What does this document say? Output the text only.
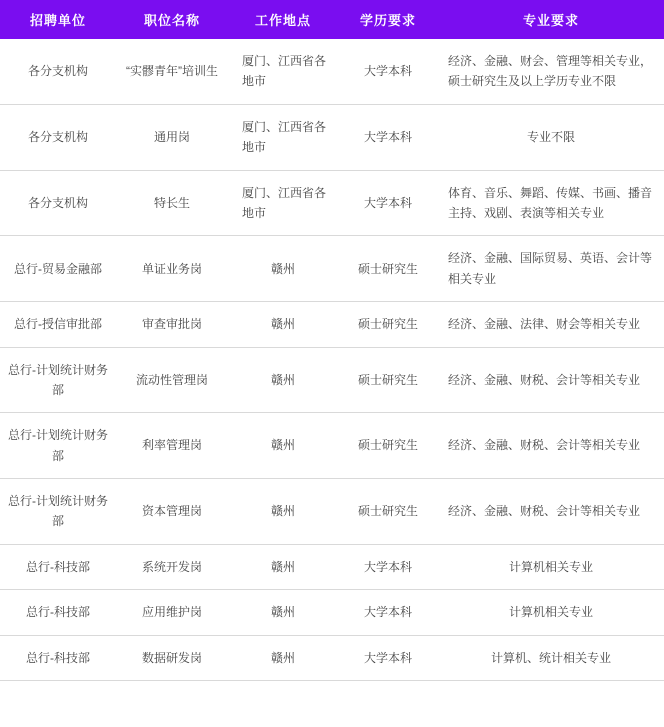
招聘单位	职位名称	工作地点	学历要求	专业要求
各分支机构	“实髎青年”培训生	厦门、江西省各地市	大学本科	经济、金融、财会、管理等相关专业，硕士研究生及以上学历专业不限
各分支机构	通用岗	厦门、江西省各地市	大学本科	专业不限
各分支机构	特长生	厦门、江西省各地市	大学本科	体育、音乐、舞蹈、传媒、书画、播音主持、戏剧、表演等相关专业
总行-贸易金融部	单证业务岗	赣州	硕士研究生	经济、金融、国际贸易、英语、会计等相关专业
总行-授信审批部	审查审批岗	赣州	硕士研究生	经济、金融、法律、财会等相关专业
总行-计划统计财务部	流动性管理岗	赣州	硕士研究生	经济、金融、财税、会计等相关专业
总行-计划统计财务部	利率管理岗	赣州	硕士研究生	经济、金融、财税、会计等相关专业
总行-计划统计财务部	资本管理岗	赣州	硕士研究生	经济、金融、财税、会计等相关专业
总行-科技部	系统开发岗	赣州	大学本科	计算机相关专业
总行-科技部	应用维护岗	赣州	大学本科	计算机相关专业
总行-科技部	数据研发岗	赣州	大学本科	计算机、统计相关专业
